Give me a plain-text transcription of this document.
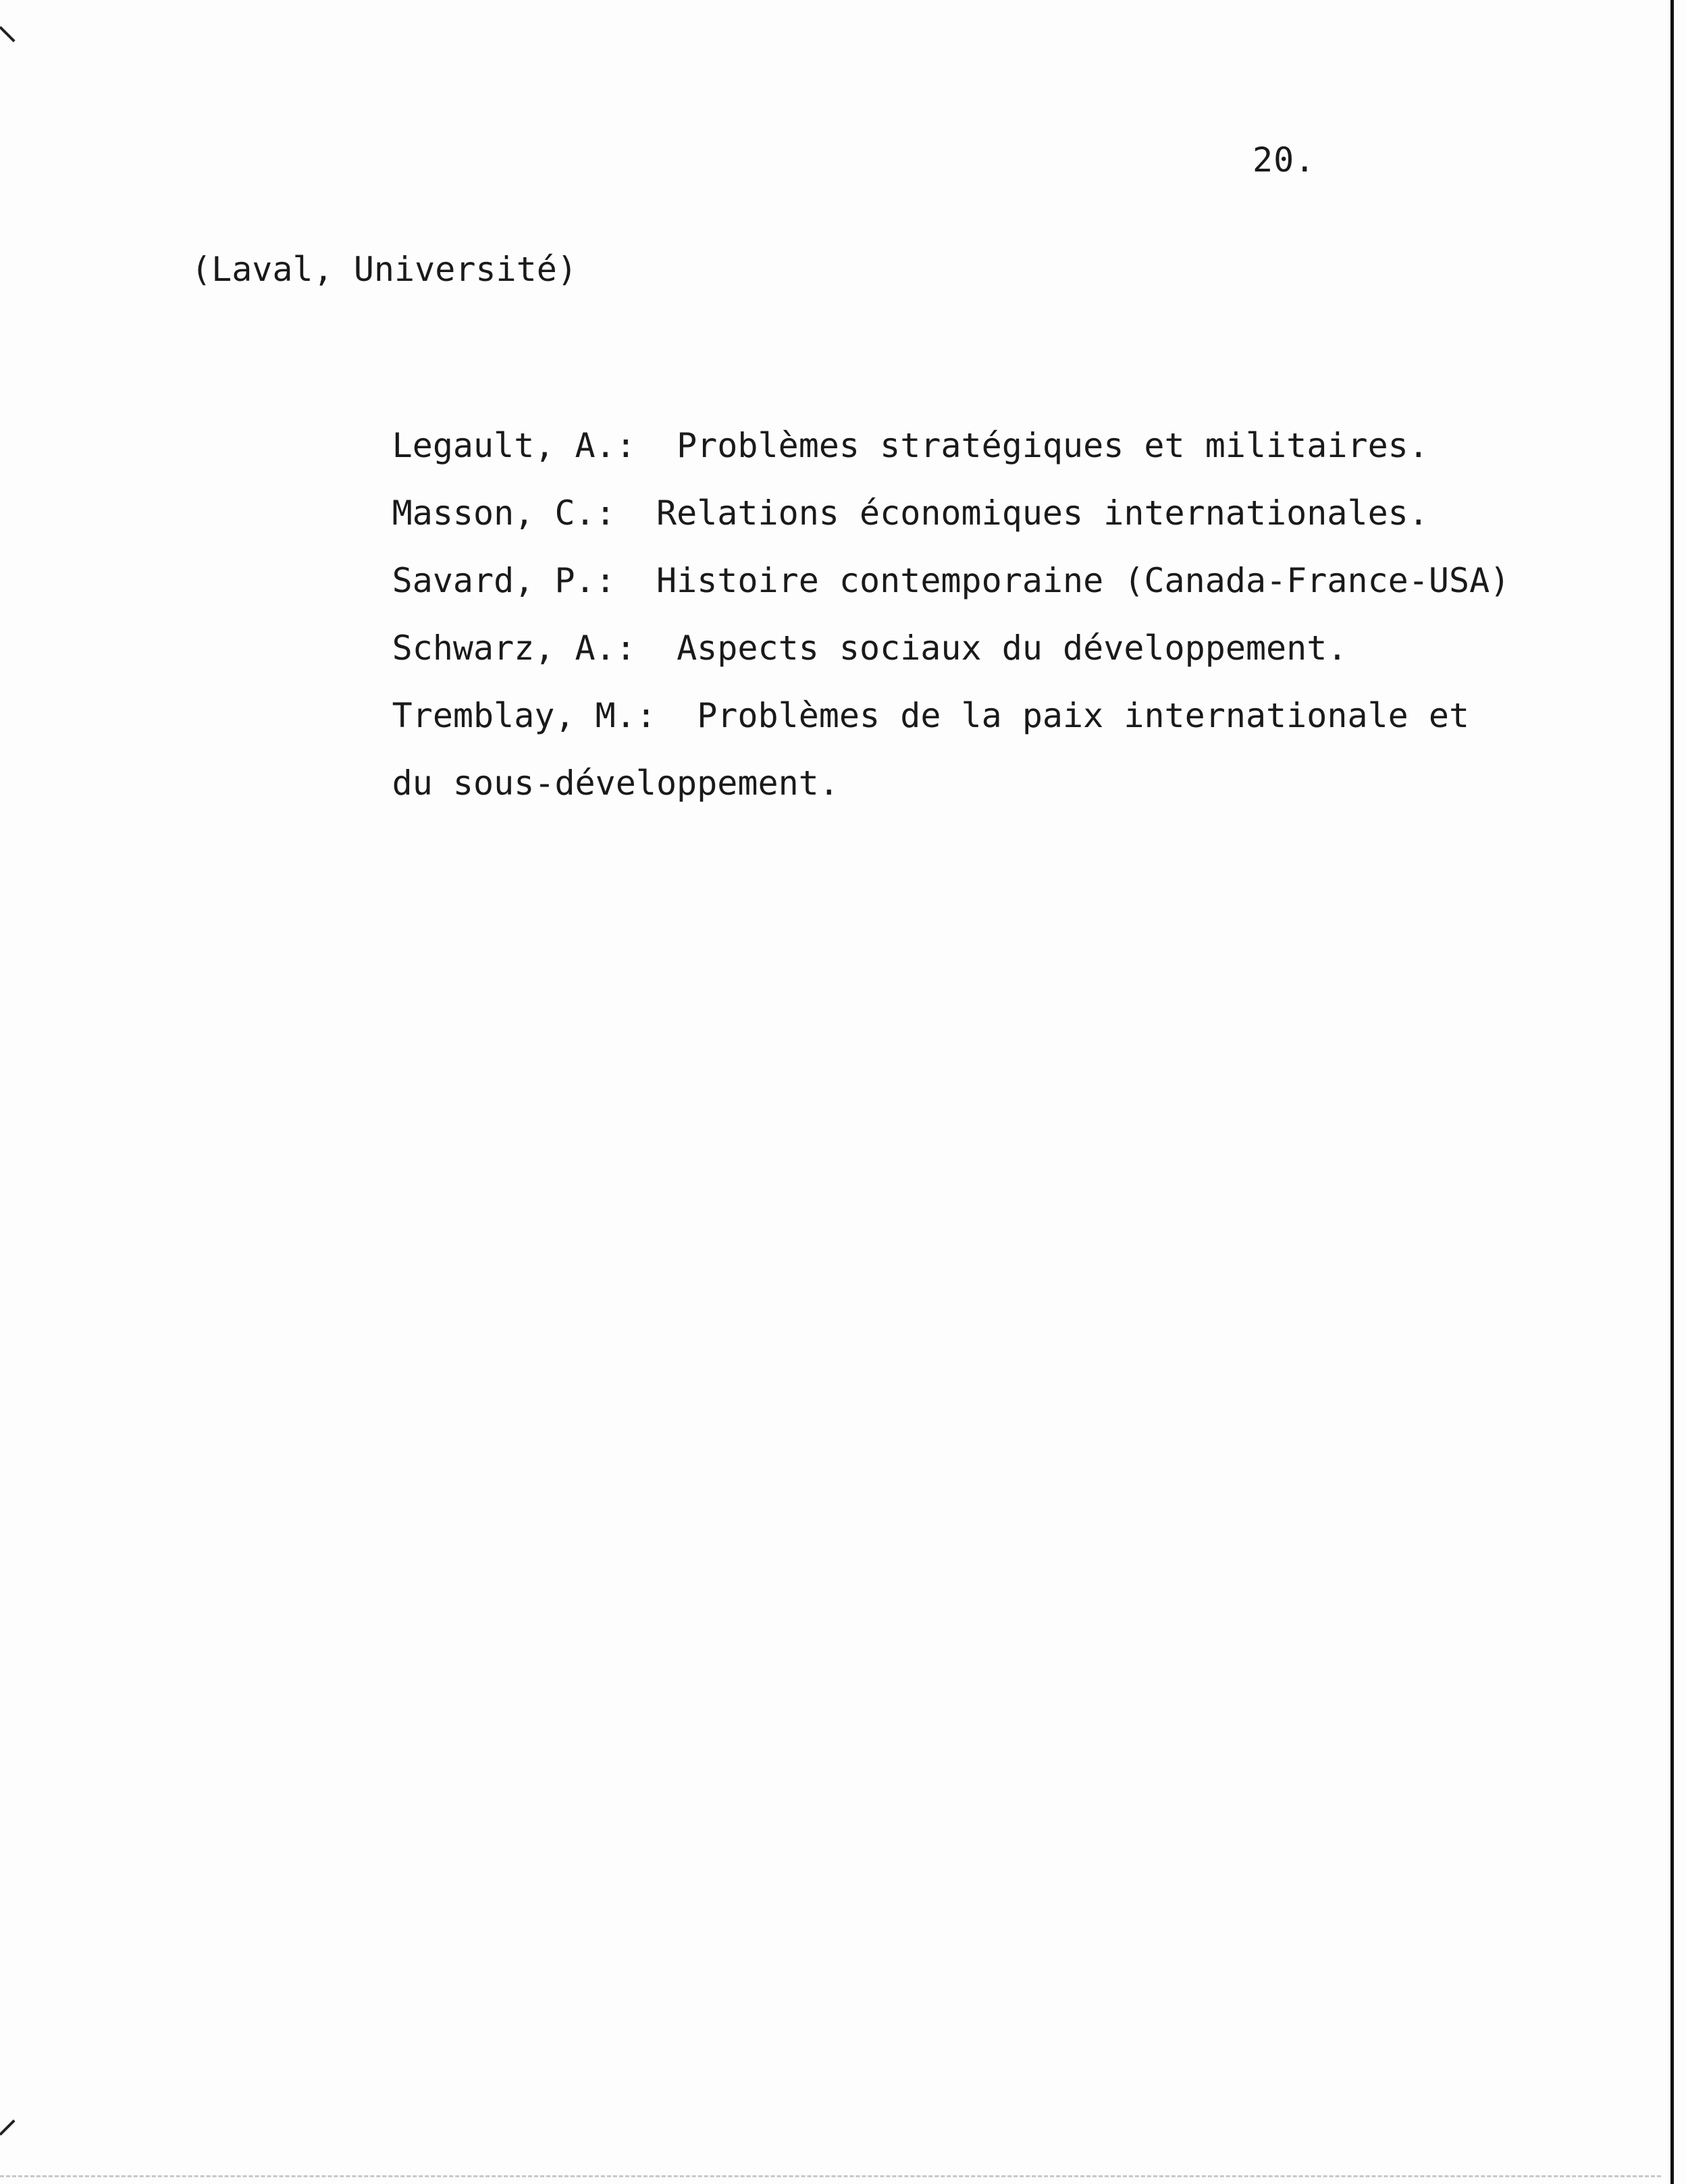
20.
(Laval, Université)

Legault, A.: Problèmes stratégiques et militaires.

Masson, C.: Relations économiques internationales.

Savard, P.: Histoire contemporaine (Canada-France-USA)

Schwarz, A.: Aspects sociaux du développement.

Tremblay, M.: Problèmes de la paix internationale et

du sous-développement.
